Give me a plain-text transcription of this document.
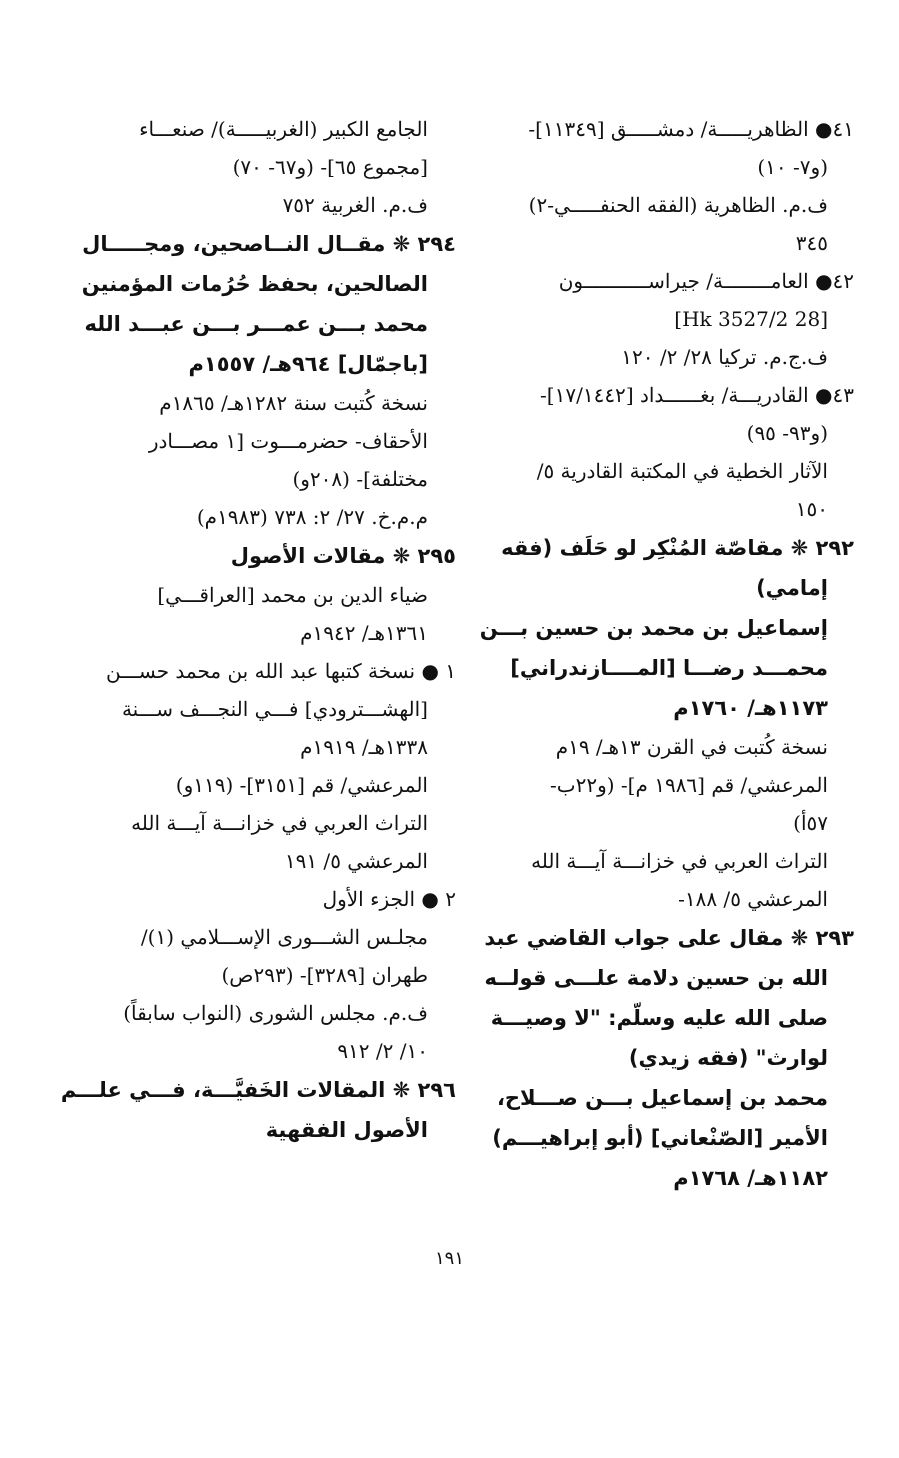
٤١● الظاهريـــــة/ دمشـــــق [١١٣٤٩]-
(و٧- ١٠)
ف.م. الظاهرية (الفقه الحنفـــــي-٢)
٣٤٥
٤٢● العامــــــــة/ جيراســـــــــــون
[28 Hk 3527/2]
ف.ج.م. تركيا ٢٨/ ٢/ ١٢٠
٤٣● القادريـــة/ بغــــــداد [١٧/١٤٤٢]-
(و٩٣- ٩٥)
الآثار الخطية في المكتبة القادرية ٥/
١٥٠
٢٩٢ ❋ مقاصّة المُنْكِر لو حَلَف (فقه
إمامي)
إسماعيل بن محمد بن حسين بـــن
محمـــد رضـــا [المــــازندراني]
١١٧٣هـ/ ١٧٦٠م
نسخة كُتبت في القرن ١٣هـ/ ١٩م
المرعشي/ قم [١٩٨٦ م]- (و٢٢ب-
٥٧أ)
التراث العربي في خزانـــة آيـــة الله
المرعشي ٥/ ١٨٨-
٢٩٣ ❋ مقال على جواب القاضي عبد
الله بن حسين دلامة علـــى قولــه
صلى الله عليه وسلّم: "لا وصيـــة
لوارث" (فقه زيدي)
محمد بن إسماعيل بـــن صـــلاح،
الأمير [الصّنْعاني] (أبو إبراهيـــم)
١١٨٢هـ/ ١٧٦٨م
الجامع الكبير (الغربيـــــة)/ صنعـــاء
[مجموع ٦٥]- (و٦٧- ٧٠)
ف.م. الغربية ٧٥٢
٢٩٤ ❋ مقــال النــاصحين، ومجـــــال
الصالحين، بحفظ حُرُمات المؤمنين
محمد بـــن عمـــر بـــن عبـــد الله
[باجمّال] ٩٦٤هـ/ ١٥٥٧م
نسخة كُتبت سنة ١٢٨٢هـ/ ١٨٦٥م
الأحقاف- حضرمـــوت [١ مصـــادر
مختلفة]- (٢٠٨و)
م.م.خ. ٢٧/ ٢: ٧٣٨ (١٩٨٣م)
٢٩٥ ❋ مقالات الأصول
ضياء الدين بن محمد [العراقـــي]
١٣٦١هـ/ ١٩٤٢م
١ ● نسخة كتبها عبد الله بن محمد حســـن
[الهشـــترودي] فـــي النجـــف ســـنة
١٣٣٨هـ/ ١٩١٩م
المرعشي/ قم [٣١٥١]- (١١٩و)
التراث العربي في خزانـــة آيـــة الله
المرعشي ٥/ ١٩١
٢ ● الجزء الأول
مجلـس الشـــورى الإســـلامي (١)/
طهران [٣٢٨٩]- (٢٩٣ص)
ف.م. مجلس الشورى (النواب سابقاً)
١٠/ ٢/ ٩١٢
٢٩٦ ❋ المقالات الخَفيَّـــة، فـــي علـــم
الأصول الفقهية
١٩١
